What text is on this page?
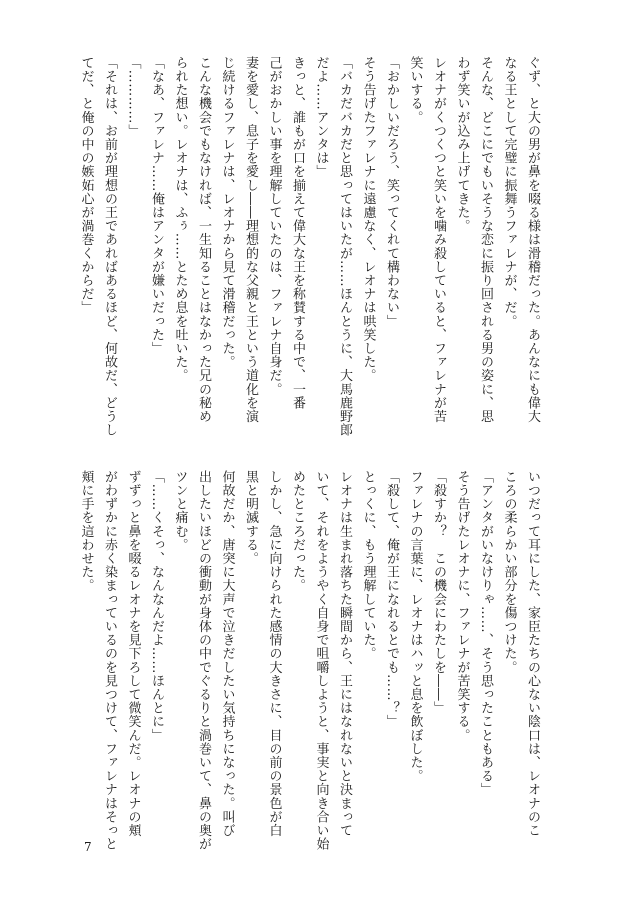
ぐず、と大の男が鼻を啜る様は滑稽だった。あんなにも偉大
なる王として完璧に振舞うファレナが、だ。
そんな、どこにでもいそうな恋に振り回される男の姿に、思
わず笑いが込み上げてきた。
レオナがくつくつと笑いを噛み殺していると、ファレナが苦
笑いする。
「おかしいだろう、笑ってくれて構わない」
そう告げたファレナに遠慮なく、レオナは哄笑した。
「バカだバカだと思ってはいたが……ほんとうに、大馬鹿野郎
だよ……アンタは」
きっと、誰もが口を揃えて偉大な王を称賛する中で、一番
己がおかしい事を理解していたのは、ファレナ自身だ。
妻を愛し、息子を愛し――理想的な父親と王という道化を演
じ続けるファレナは、レオナから見て滑稽だった。
こんな機会でもなければ、一生知ることはなかった兄の秘め
られた想い。レオナは、ふぅ……とため息を吐いた。
「なあ、ファレナ……俺はアンタが嫌いだった」
「…………」
「それは、お前が理想の王であればあるほど、何故だ、どうし
てだ、と俺の中の嫉妬心が渦巻くからだ」
いつだって耳にした、家臣たちの心ない陰口は、レオナのこ
ころの柔らかい部分を傷つけた。
「アンタがいなけりゃ……、そう思ったこともある」
そう告げたレオナに、ファレナが苦笑する。
「殺すか？　この機会にわたしを――」
ファレナの言葉に、レオナはハッと息を飲ぼした。
「殺して、俺が王になれるとでも……？」
とっくに、もう理解していた。
レオナは生まれ落ちた瞬間から、王にはなれないと決まって
いて、それをようやく自身で咀嚼しようと、事実と向き合い始
めたところだった。
しかし、急に向けられた感情の大きさに、目の前の景色が白
黒と明滅する。
何故だか、唐突に大声で泣きだしたい気持ちになった。叫び
出したいほどの衝動が身体の中でぐるりと渦巻いて、鼻の奥が
ツンと痛む。
「……くそっ、なんなんだよ……ほんとに」
ずずっと鼻を啜るレオナを見下ろして微笑んだ。レオナの頬
がわずかに赤く染まっているのを見つけて、ファレナはそっと
頬に手を這わせた。
7
